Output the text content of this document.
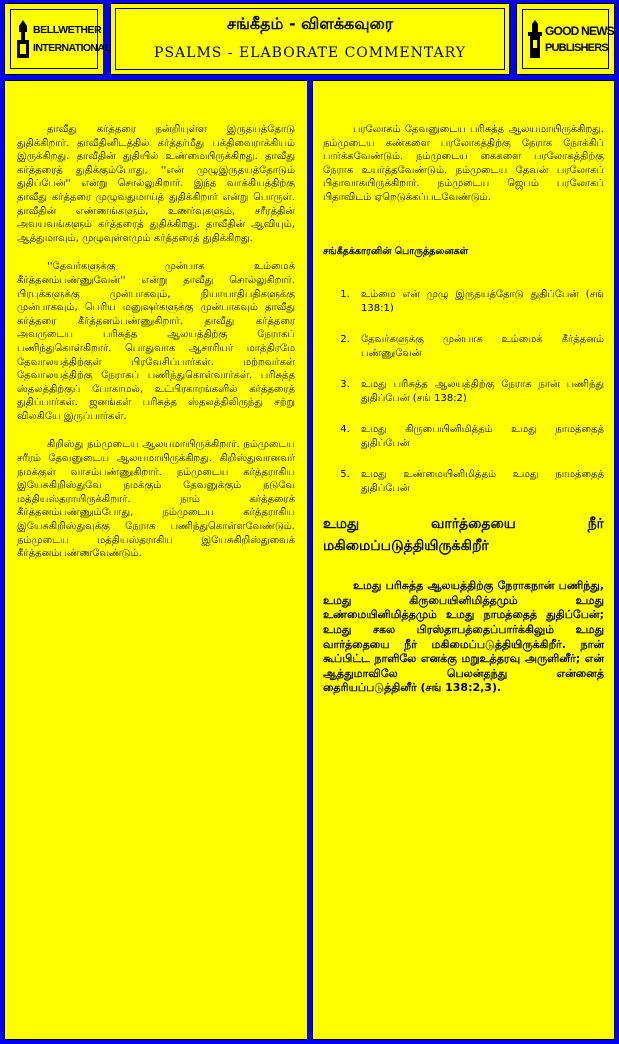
BELLWETHER
INTERNATIONAL
சங்கீதம் - விளக்கவுரை
PSALMS - ELABORATE COMMENTARY
GOOD NEWS
PUBLISHERS

தாவீது கர்த்தரை நன்றியுள்ள இருதயத்தோடு துதிக்கிறார். தாவீதினிடத்தில் கர்த்தர்மீது பக்திவைராக்கியம் இருக்கிறது. தாவீதின் துதியில் உண்மையிருக்கிறது. தாவீது கர்த்தரைத் துதிக்கும்போது, ''என் முழுஇருதயத்தோடும் துதிப்பேன்'' என்று சொல்லுகிறார். இந்த வாக்கியத்திற்கு தாவீது கர்த்தரை முழுவதுமாய்த் துதிக்கிறார் என்று பொருள். தாவீதின் எண்ணங்களும், உணர்வுகளும், சரீரத்தின் அவயவங்களும் கர்த்தரைத் துதிக்கிறது. தாவீதின் ஆவியும், ஆத்துமாவும், முழுவுள்ளமும் கர்த்தரைத் துதிக்கிறது.

''தேவர்களுக்கு முன்பாக உம்மைக் கீர்த்தனம்பண்ணுவேன்'' என்று தாவீது சொல்லுகிறார். பிரபுக்களுக்கு முன்பாகவும், நியாயாதிபதிகளுக்கு முன்பாகவும், பெரிய மனுஷர்களுக்கு முன்பாகவும் தாவீது கர்த்தரை கீர்த்தனம்பண்ணுகிறார். தாவீது கர்த்தரை அவருடைய பரிசுத்த ஆலயத்திற்கு நேராகப் பணிந்துகொள்கிறார். பொதுவாக ஆசாரியர் மாத்திரமே தேவாலயத்திற்குள் பிரவேசிப்பார்கள். மற்றவர்கள் தேவாலயத்திற்கு நேராகப் பணிந்துகொள்வார்கள். பரிசுத்த ஸ்தலத்திற்குப் போகாமல், உட்பிரகாரங்களில் கர்த்தரைத் துதிப்பார்கள். ஜனங்கள் பரிசுத்த ஸ்தலத்திலிருந்து சற்று விலகியே இருப்பார்கள்.

கிறிஸ்து நம்முடைய ஆலயமாயிருக்கிறார். நம்முடைய சரீரம் தேவனுடைய ஆலயமாயிருக்கிறது. கிறிஸ்துவானவர் நமக்குள் வாசம்பண்ணுகிறார். நம்முடைய கர்த்தராகிய இயேசுகிறிஸ்துவே நமக்கும் தேவனுக்கும் நடுவே மத்தியஸ்தராயிருக்கிறார். நாம் கர்த்தரைக் கீர்த்தனம்பண்ணும்போது, நம்முடைய கர்த்தராகிய இயேசுகிறிஸ்துவுக்கு நேராக பணிந்துகொள்ளவேண்டும். நம்முடைய மத்தியஸ்தராகிய இயேசுகிறிஸ்துவைக் கீர்த்தனம்பண்ணவேண்டும்.

பரலோகம் தேவனுடைய பரிசுத்த ஆலயமாயிருக்கிறது. நம்முடைய கண்களை பரலோகத்திற்கு நேராக நோக்கிப் பார்க்கவேண்டும். நம்முடைய கைகளை பரலோகத்திற்கு நேராக உயர்த்தவேண்டும். நம்முடைய தேவன் பரலோகப் பிதாவாகயிருக்கிறார். நம்முடைய ஜெபம் பரலோகப் பிதாவிடம் ஏறெடுக்கப்படவேண்டும்.

சங்கீதக்காரனின் பொருத்தனைகள்

1. உம்மை என் முழு இருதயத்தோடு துதிப்பேன் (சங் 138:1)
2. தேவர்களுக்கு முன்பாக உம்மைக் கீர்த்தனம் பண்ணுவேன்
3. உமது பரிசுத்த ஆலயத்திற்கு நேராக நான் பணிந்து துதிப்பேன் (சங் 138:2)
4. உமது கிருபையினிமித்தம் உமது நாமத்தைத் துதிப்பேன்
5. உமது உண்மையினிமித்தம் உமது நாமத்தைத் துதிப்பேன்

உமது வார்த்தையை நீர் மகிமைப்படுத்தியிருக்கிறீர்

உமது பரிசுத்த ஆலயத்திற்கு நேராகநான் பணிந்து, உமது கிருபையினிமித்தமும் உமது உண்மையினிமித்தமும் உமது நாமத்தைத் துதிப்பேன்; உமது சகல பிரஸ்தாபத்தைப்பார்க்கிலும் உமது வார்த்தையை நீர் மகிமைப்படுத்தியிருக்கிறீர். நான் கூப்பிட்ட நாளிலே எனக்கு மறுஉத்தரவு அருளினீர்; என் ஆத்துமாவிலே பெலன்தந்து என்னைத் தைரியப்படுத்தினீர் (சங் 138:2,3).
